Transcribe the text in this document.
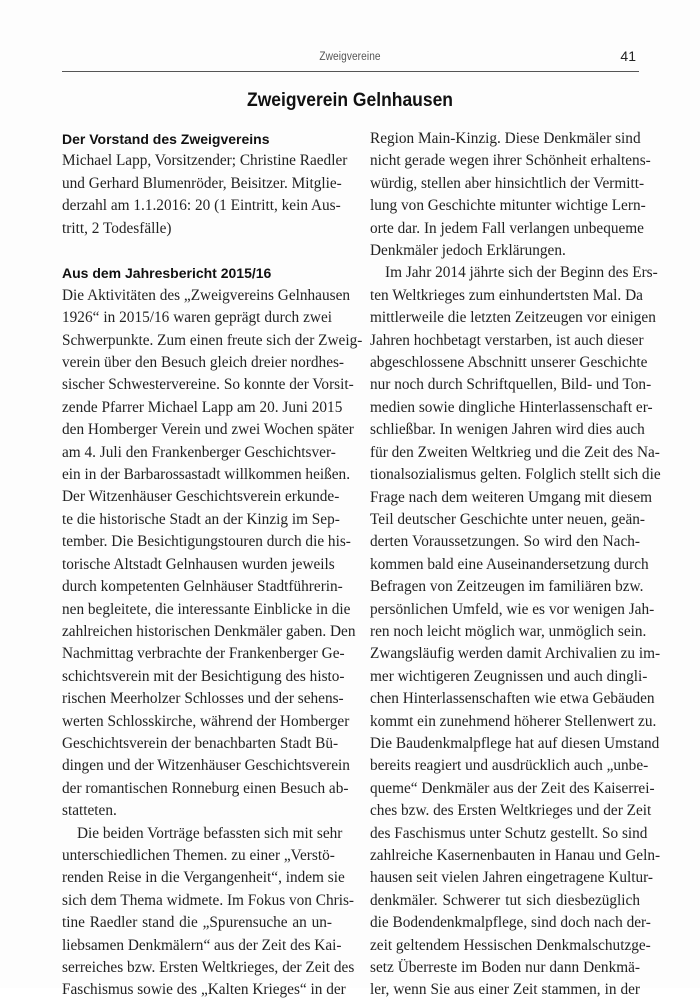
Zweigvereine	41
Zweigverein Gelnhausen
Der Vorstand des Zweigvereins

Michael Lapp, Vorsitzender; Christine Raedler
und Gerhard Blumenröder, Beisitzer. Mitglie-
derzahl am 1.1.2016: 20 (1 Eintritt, kein Aus-
tritt, 2 Todesfälle)

Aus dem Jahresbericht 2015/16

Die Aktivitäten des „Zweigvereins Gelnhausen
1926“ in 2015/16 waren geprägt durch zwei
Schwerpunkte. Zum einen freute sich der Zweig-
verein über den Besuch gleich dreier nordhes-
sischer Schwestervereine. So konnte der Vorsit-
zende Pfarrer Michael Lapp am 20. Juni 2015
den Homberger Verein und zwei Wochen später
am 4. Juli den Frankenberger Geschichtsver-
ein in der Barbarossastadt willkommen heißen.
Der Witzenhäuser Geschichtsverein erkunde-
te die historische Stadt an der Kinzig im Sep-
tember. Die Besichtigungstouren durch die his-
torische Altstadt Gelnhausen wurden jeweils
durch kompetenten Gelnhäuser Stadtführerin-
nen begleitete, die interessante Einblicke in die
zahlreichen historischen Denkmäler gaben. Den
Nachmittag verbrachte der Frankenberger Ge-
schichtsverein mit der Besichtigung des histo-
rischen Meerholzer Schlosses und der sehens-
werten Schlosskirche, während der Homberger
Geschichtsverein der benachbarten Stadt Bü-
dingen und der Witzenhäuser Geschichtsverein
der romantischen Ronneburg einen Besuch ab-
statteten.

Die beiden Vorträge befassten sich mit sehr
unterschiedlichen Themen. zu einer „Verstö-
renden Reise in die Vergangenheit“, indem sie
sich dem Thema widmete. Im Fokus von Chris-
tine Raedler stand die „Spurensuche an un-
liebsamen Denkmälern“ aus der Zeit des Kai-
serreiches bzw. Ersten Weltkrieges, der Zeit des
Faschismus sowie des „Kalten Krieges“ in der

Region Main-Kinzig. Diese Denkmäler sind
nicht gerade wegen ihrer Schönheit erhaltens-
würdig, stellen aber hinsichtlich der Vermitt-
lung von Geschichte mitunter wichtige Lern-
orte dar. In jedem Fall verlangen unbequeme
Denkmäler jedoch Erklärungen.

Im Jahr 2014 jährte sich der Beginn des Ers-
ten Weltkrieges zum einhundertsten Mal. Da
mittlerweile die letzten Zeitzeugen vor einigen
Jahren hochbetagt verstarben, ist auch dieser
abgeschlossene Abschnitt unserer Geschichte
nur noch durch Schriftquellen, Bild- und Ton-
medien sowie dingliche Hinterlassenschaft er-
schließbar. In wenigen Jahren wird dies auch
für den Zweiten Weltkrieg und die Zeit des Na-
tionalsozialismus gelten. Folglich stellt sich die
Frage nach dem weiteren Umgang mit diesem
Teil deutscher Geschichte unter neuen, geän-
derten Voraussetzungen. So wird den Nach-
kommen bald eine Auseinandersetzung durch
Befragen von Zeitzeugen im familiären bzw.
persönlichen Umfeld, wie es vor wenigen Jah-
ren noch leicht möglich war, unmöglich sein.
Zwangsläufig werden damit Archivalien zu im-
mer wichtigeren Zeugnissen und auch dingli-
chen Hinterlassenschaften wie etwa Gebäuden
kommt ein zunehmend höherer Stellenwert zu.
Die Baudenkmalpflege hat auf diesen Umstand
bereits reagiert und ausdrücklich auch „unbe-
queme“ Denkmäler aus der Zeit des Kaiserrei-
ches bzw. des Ersten Weltkrieges und der Zeit
des Faschismus unter Schutz gestellt. So sind
zahlreiche Kasernenbauten in Hanau und Geln-
hausen seit vielen Jahren eingetragene Kultur-
denkmäler. Schwerer tut sich diesbezüglich
die Bodendenkmalpflege, sind doch nach der-
zeit geltendem Hessischen Denkmalschutzge-
setz Überreste im Boden nur dann Denkmä-
ler, wenn Sie aus einer Zeit stammen, in der
